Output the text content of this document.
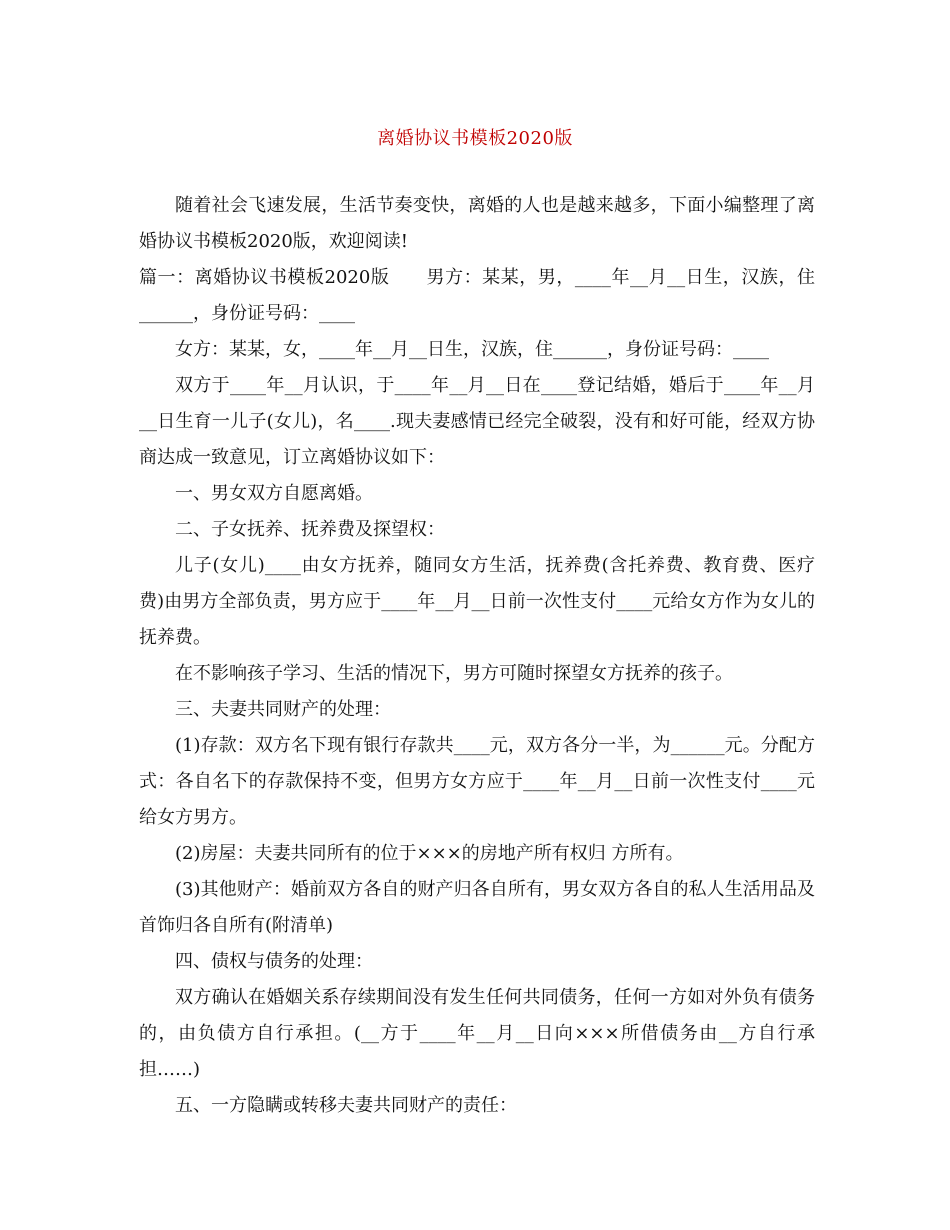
离婚协议书模板2020版

随着社会飞速发展，生活节奏变快，离婚的人也是越来越多，下面小编整理了离婚协议书模板2020版，欢迎阅读!

篇一：离婚协议书模板2020版　　男方：某某，男，____年__月__日生，汉族，住______，身份证号码：____

女方：某某，女，____年__月__日生，汉族，住______，身份证号码：____

双方于____年__月认识，于____年__月__日在____登记结婚，婚后于____年__月__日生育一儿子(女儿)，名____.现夫妻感情已经完全破裂，没有和好可能，经双方协商达成一致意见，订立离婚协议如下：

一、男女双方自愿离婚。

二、子女抚养、抚养费及探望权：

儿子(女儿)____由女方抚养，随同女方生活，抚养费(含托养费、教育费、医疗费)由男方全部负责，男方应于____年__月__日前一次性支付____元给女方作为女儿的抚养费。

在不影响孩子学习、生活的情况下，男方可随时探望女方抚养的孩子。

三、夫妻共同财产的处理：

(1)存款：双方名下现有银行存款共____元，双方各分一半，为______元。分配方式：各自名下的存款保持不变，但男方女方应于____年__月__日前一次性支付____元给女方男方。

(2)房屋：夫妻共同所有的位于×××的房地产所有权归 方所有。

(3)其他财产：婚前双方各自的财产归各自所有，男女双方各自的私人生活用品及首饰归各自所有(附清单)

四、债权与债务的处理：

双方确认在婚姻关系存续期间没有发生任何共同债务，任何一方如对外负有债务的，由负债方自行承担。(__方于____年__月__日向×××所借债务由__方自行承担……)

五、一方隐瞒或转移夫妻共同财产的责任：
